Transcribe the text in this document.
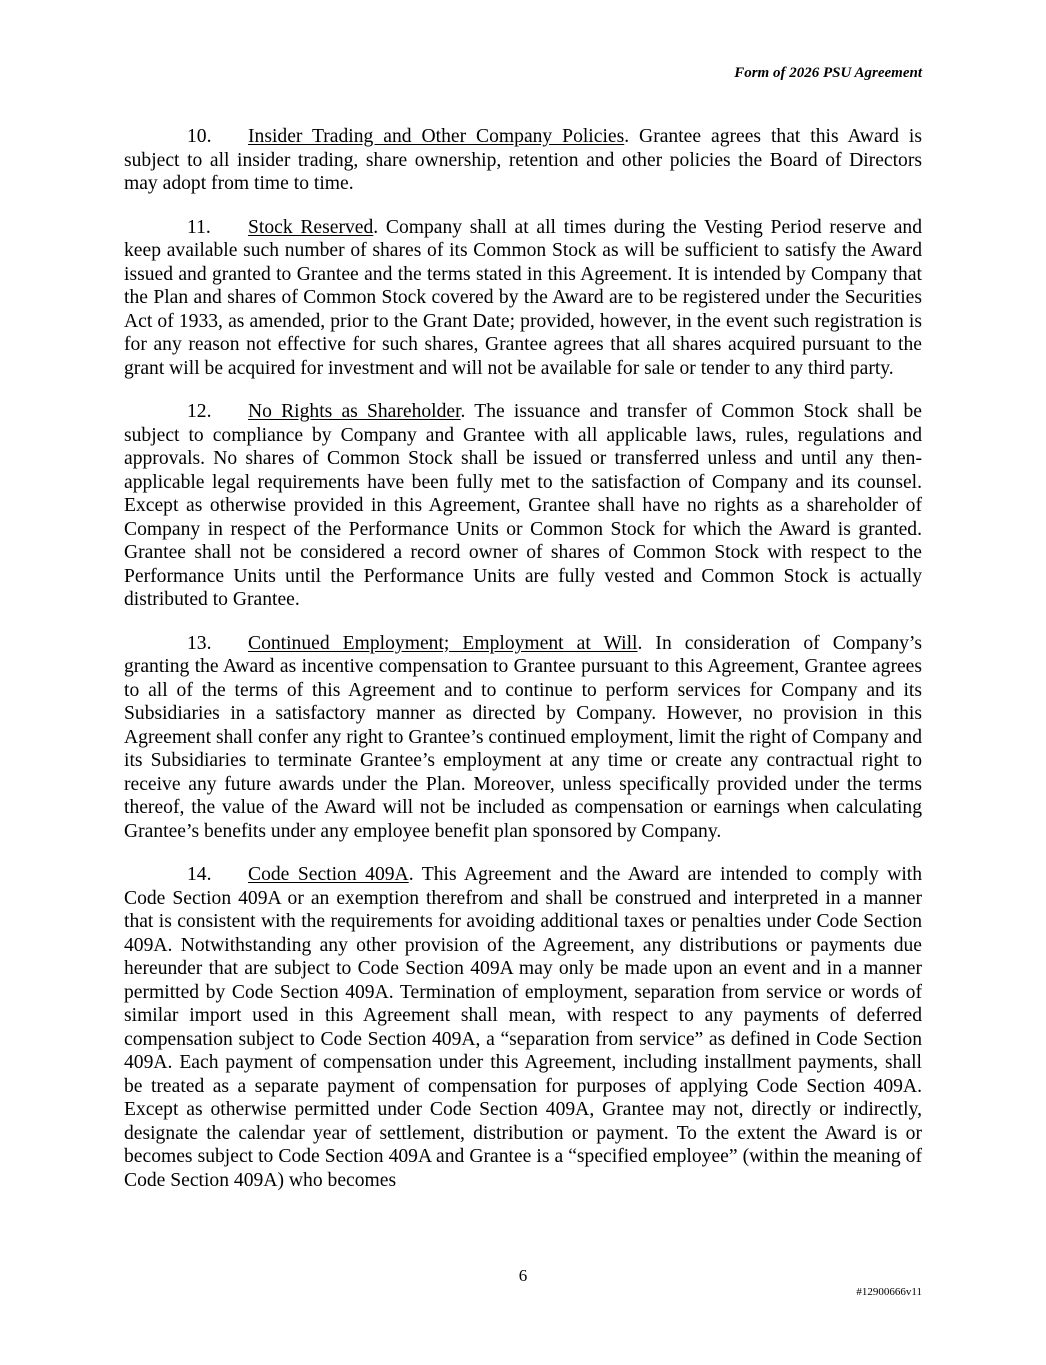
Form of 2026 PSU Agreement

10. Insider Trading and Other Company Policies. Grantee agrees that this Award is subject to all insider trading, share ownership, retention and other policies the Board of Directors may adopt from time to time.

11. Stock Reserved. Company shall at all times during the Vesting Period reserve and keep available such number of shares of its Common Stock as will be sufficient to satisfy the Award issued and granted to Grantee and the terms stated in this Agreement. It is intended by Company that the Plan and shares of Common Stock covered by the Award are to be registered under the Securities Act of 1933, as amended, prior to the Grant Date; provided, however, in the event such registration is for any reason not effective for such shares, Grantee agrees that all shares acquired pursuant to the grant will be acquired for investment and will not be available for sale or tender to any third party.

12. No Rights as Shareholder. The issuance and transfer of Common Stock shall be subject to compliance by Company and Grantee with all applicable laws, rules, regulations and approvals. No shares of Common Stock shall be issued or transferred unless and until any then-applicable legal requirements have been fully met to the satisfaction of Company and its counsel. Except as otherwise provided in this Agreement, Grantee shall have no rights as a shareholder of Company in respect of the Performance Units or Common Stock for which the Award is granted. Grantee shall not be considered a record owner of shares of Common Stock with respect to the Performance Units until the Performance Units are fully vested and Common Stock is actually distributed to Grantee.

13. Continued Employment; Employment at Will. In consideration of Company’s granting the Award as incentive compensation to Grantee pursuant to this Agreement, Grantee agrees to all of the terms of this Agreement and to continue to perform services for Company and its Subsidiaries in a satisfactory manner as directed by Company. However, no provision in this Agreement shall confer any right to Grantee’s continued employment, limit the right of Company and its Subsidiaries to terminate Grantee’s employment at any time or create any contractual right to receive any future awards under the Plan. Moreover, unless specifically provided under the terms thereof, the value of the Award will not be included as compensation or earnings when calculating Grantee’s benefits under any employee benefit plan sponsored by Company.

14. Code Section 409A. This Agreement and the Award are intended to comply with Code Section 409A or an exemption therefrom and shall be construed and interpreted in a manner that is consistent with the requirements for avoiding additional taxes or penalties under Code Section 409A. Notwithstanding any other provision of the Agreement, any distributions or payments due hereunder that are subject to Code Section 409A may only be made upon an event and in a manner permitted by Code Section 409A. Termination of employment, separation from service or words of similar import used in this Agreement shall mean, with respect to any payments of deferred compensation subject to Code Section 409A, a “separation from service” as defined in Code Section 409A. Each payment of compensation under this Agreement, including installment payments, shall be treated as a separate payment of compensation for purposes of applying Code Section 409A. Except as otherwise permitted under Code Section 409A, Grantee may not, directly or indirectly, designate the calendar year of settlement, distribution or payment. To the extent the Award is or becomes subject to Code Section 409A and Grantee is a “specified employee” (within the meaning of Code Section 409A) who becomes

6
#12900666v11
